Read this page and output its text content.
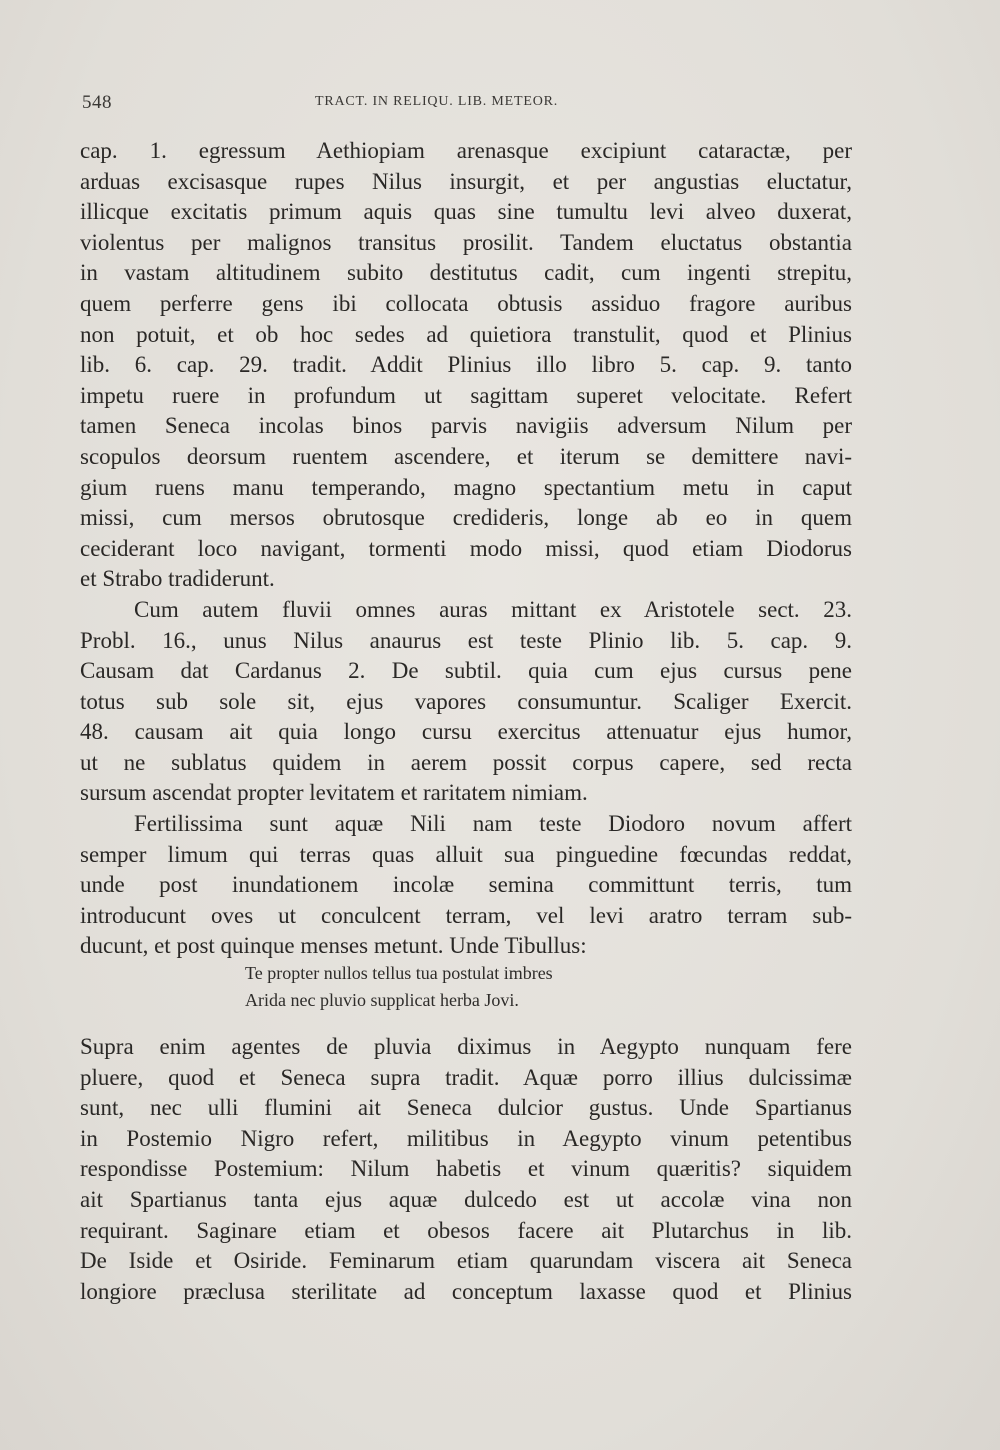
548	TRACT. IN RELIQU. LIB. METEOR.
cap. 1. egressum Aethiopiam arenasque excipiunt cataractæ, per
arduas excisasque rupes Nilus insurgit, et per angustias eluctatur,
illicque excitatis primum aquis quas sine tumultu levi alveo duxerat,
violentus per malignos transitus prosilit. Tandem eluctatus obstantia
in vastam altitudinem subito destitutus cadit, cum ingenti strepitu,
quem perferre gens ibi collocata obtusis assiduo fragore auribus
non potuit, et ob hoc sedes ad quietiora transtulit, quod et Plinius
lib. 6. cap. 29. tradit. Addit Plinius illo libro 5. cap. 9. tanto
impetu ruere in profundum ut sagittam superet velocitate. Refert
tamen Seneca incolas binos parvis navigiis adversum Nilum per
scopulos deorsum ruentem ascendere, et iterum se demittere navi-
gium ruens manu temperando, magno spectantium metu in caput
missi, cum mersos obrutosque credideris, longe ab eo in quem
ceciderant loco navigant, tormenti modo missi, quod etiam Diodorus
et Strabo tradiderunt.
Cum autem fluvii omnes auras mittant ex Aristotele sect. 23.
Probl. 16., unus Nilus anaurus est teste Plinio lib. 5. cap. 9.
Causam dat Cardanus 2. De subtil. quia cum ejus cursus pene
totus sub sole sit, ejus vapores consumuntur. Scaliger Exercit.
48. causam ait quia longo cursu exercitus attenuatur ejus humor,
ut ne sublatus quidem in aerem possit corpus capere, sed recta
sursum ascendat propter levitatem et raritatem nimiam.
Fertilissima sunt aquæ Nili nam teste Diodoro novum affert
semper limum qui terras quas alluit sua pinguedine fœcundas reddat,
unde post inundationem incolæ semina committunt terris, tum
introducunt oves ut conculcent terram, vel levi aratro terram sub-
ducunt, et post quinque menses metunt. Unde Tibullus:
Te propter nullos tellus tua postulat imbres
Arida nec pluvio supplicat herba Jovi.
Supra enim agentes de pluvia diximus in Aegypto nunquam fere
pluere, quod et Seneca supra tradit. Aquæ porro illius dulcissimæ
sunt, nec ulli flumini ait Seneca dulcior gustus. Unde Spartianus
in Postemio Nigro refert, militibus in Aegypto vinum petentibus
respondisse Postemium: Nilum habetis et vinum quæritis? siquidem
ait Spartianus tanta ejus aquæ dulcedo est ut accolæ vina non
requirant. Saginare etiam et obesos facere ait Plutarchus in lib.
De Iside et Osiride. Feminarum etiam quarundam viscera ait Seneca
longiore præclusa sterilitate ad conceptum laxasse quod et Plinius
